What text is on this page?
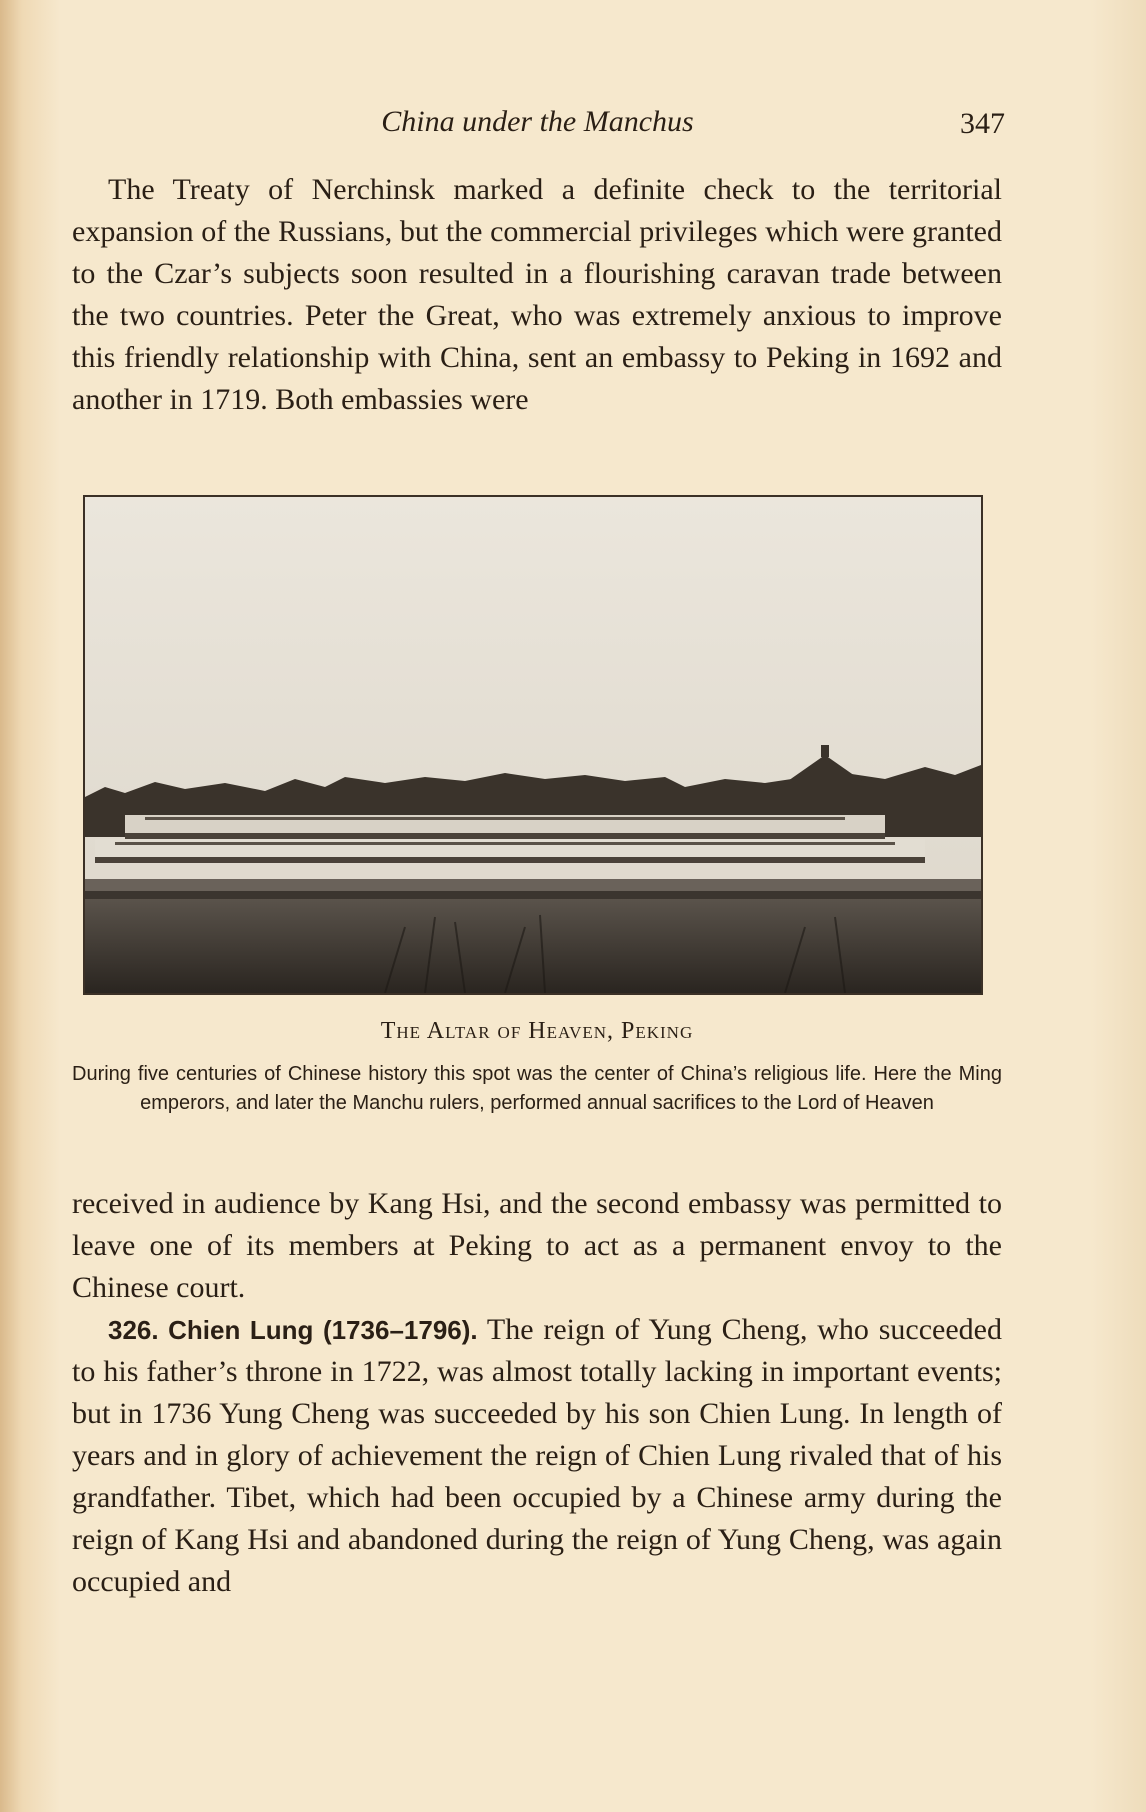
China under the Manchus	347

The Treaty of Nerchinsk marked a definite check to the territorial expansion of the Russians, but the commercial privileges which were granted to the Czar’s subjects soon resulted in a flourishing caravan trade between the two countries. Peter the Great, who was extremely anxious to improve this friendly relationship with China, sent an embassy to Peking in 1692 and another in 1719. Both embassies were

The Altar of Heaven, Peking
During five centuries of Chinese history this spot was the center of China’s religious life. Here the Ming emperors, and later the Manchu rulers, performed annual sacrifices to the Lord of Heaven

received in audience by Kang Hsi, and the second embassy was permitted to leave one of its members at Peking to act as a permanent envoy to the Chinese court.

326. Chien Lung (1736–1796). The reign of Yung Cheng, who succeeded to his father’s throne in 1722, was almost totally lacking in important events; but in 1736 Yung Cheng was succeeded by his son Chien Lung. In length of years and in glory of achievement the reign of Chien Lung rivaled that of his grandfather. Tibet, which had been occupied by a Chinese army during the reign of Kang Hsi and abandoned during the reign of Yung Cheng, was again occupied and
